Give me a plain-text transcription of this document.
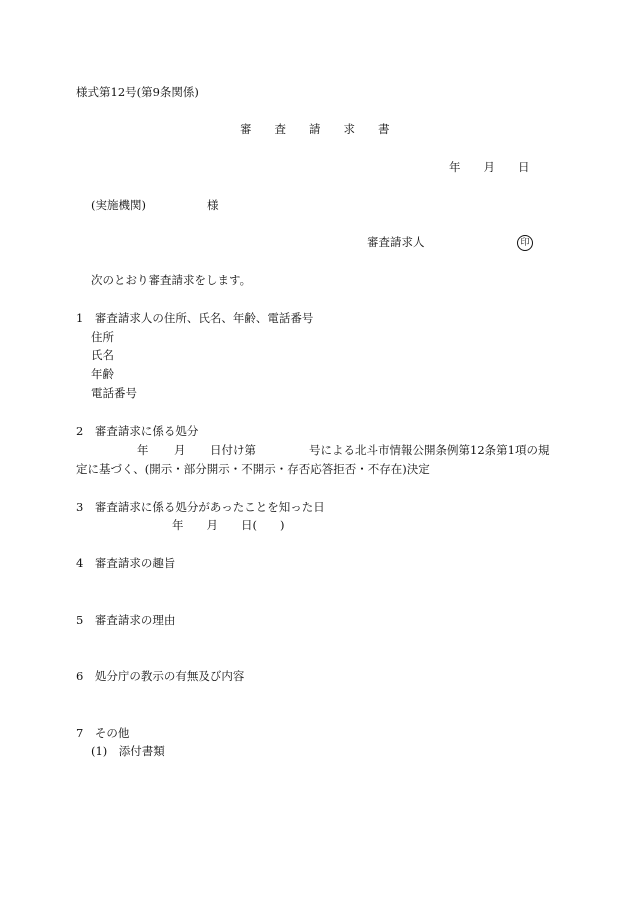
様式第12号(第9条関係)
審　　査　　請　　求　　書
年　　月　　日
(実施機関)	様
審査請求人	印
次のとおり審査請求をします。
1　審査請求人の住所、氏名、年齢、電話番号
住所
氏名
年齢
電話番号
2　審査請求に係る処分
年 月 日付け第	号による北斗市情報公開条例第12条第1項の規
定に基づく、(開示・部分開示・不開示・存否応答拒否・不存在)決定
3　審査請求に係る処分があったことを知った日
年　　月　　日(　　)
4　審査請求の趣旨
5　審査請求の理由
6　処分庁の教示の有無及び内容
7　その他
(1)　添付書類
